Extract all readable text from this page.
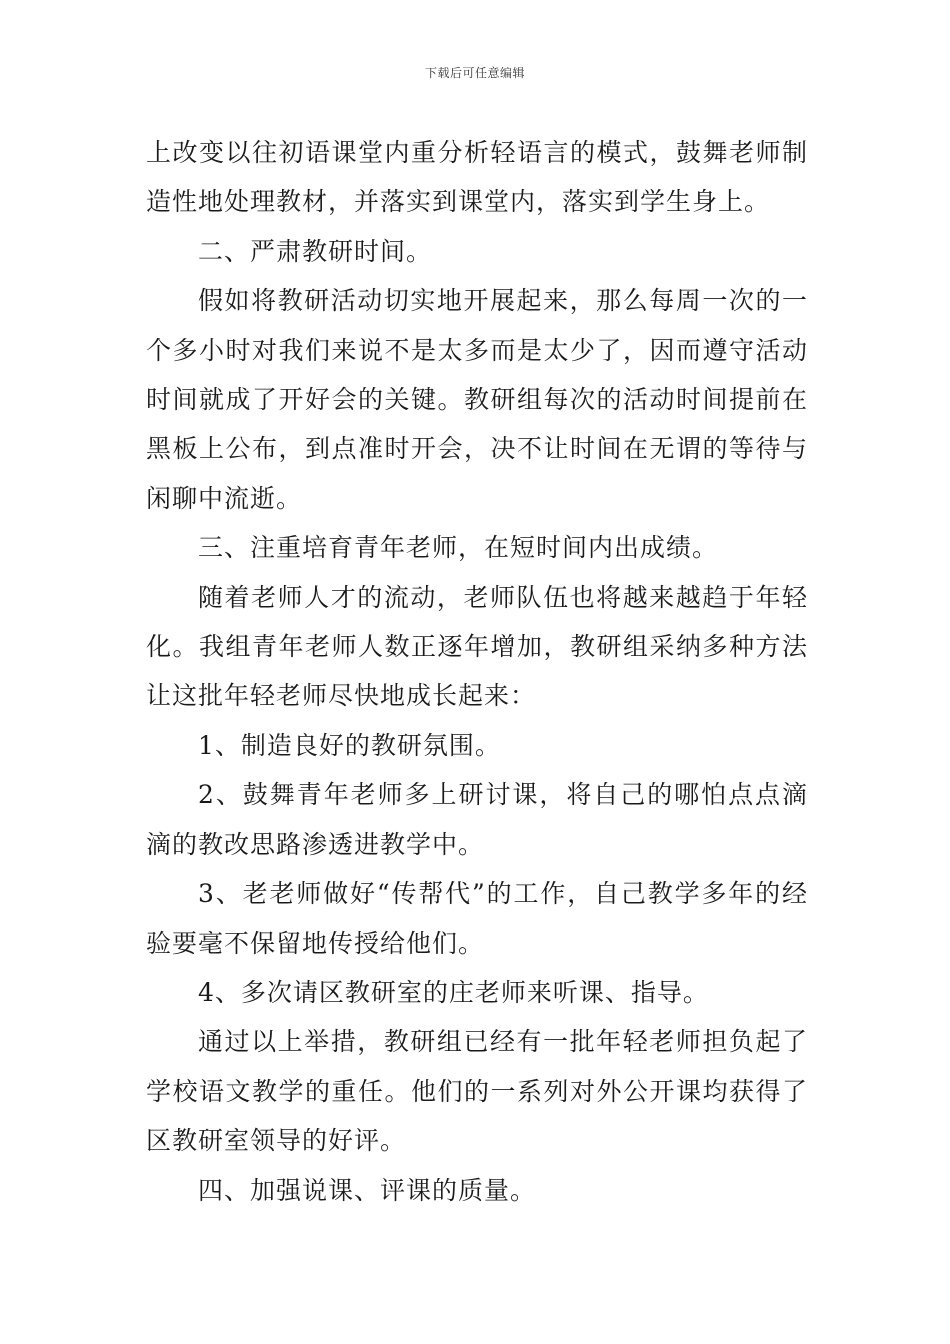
下载后可任意编辑

上改变以往初语课堂内重分析轻语言的模式，鼓舞老师制造性地处理教材，并落实到课堂内，落实到学生身上。

二、严肃教研时间。

假如将教研活动切实地开展起来，那么每周一次的一个多小时对我们来说不是太多而是太少了，因而遵守活动时间就成了开好会的关键。教研组每次的活动时间提前在黑板上公布，到点准时开会，决不让时间在无谓的等待与闲聊中流逝。

三、注重培育青年老师，在短时间内出成绩。

随着老师人才的流动，老师队伍也将越来越趋于年轻化。我组青年老师人数正逐年增加，教研组采纳多种方法让这批年轻老师尽快地成长起来：

1、制造良好的教研氛围。

2、鼓舞青年老师多上研讨课，将自己的哪怕点点滴滴的教改思路渗透进教学中。

3、老老师做好“传帮代”的工作，自己教学多年的经验要毫不保留地传授给他们。

4、多次请区教研室的庄老师来听课、指导。

通过以上举措，教研组已经有一批年轻老师担负起了学校语文教学的重任。他们的一系列对外公开课均获得了区教研室领导的好评。

四、加强说课、评课的质量。
